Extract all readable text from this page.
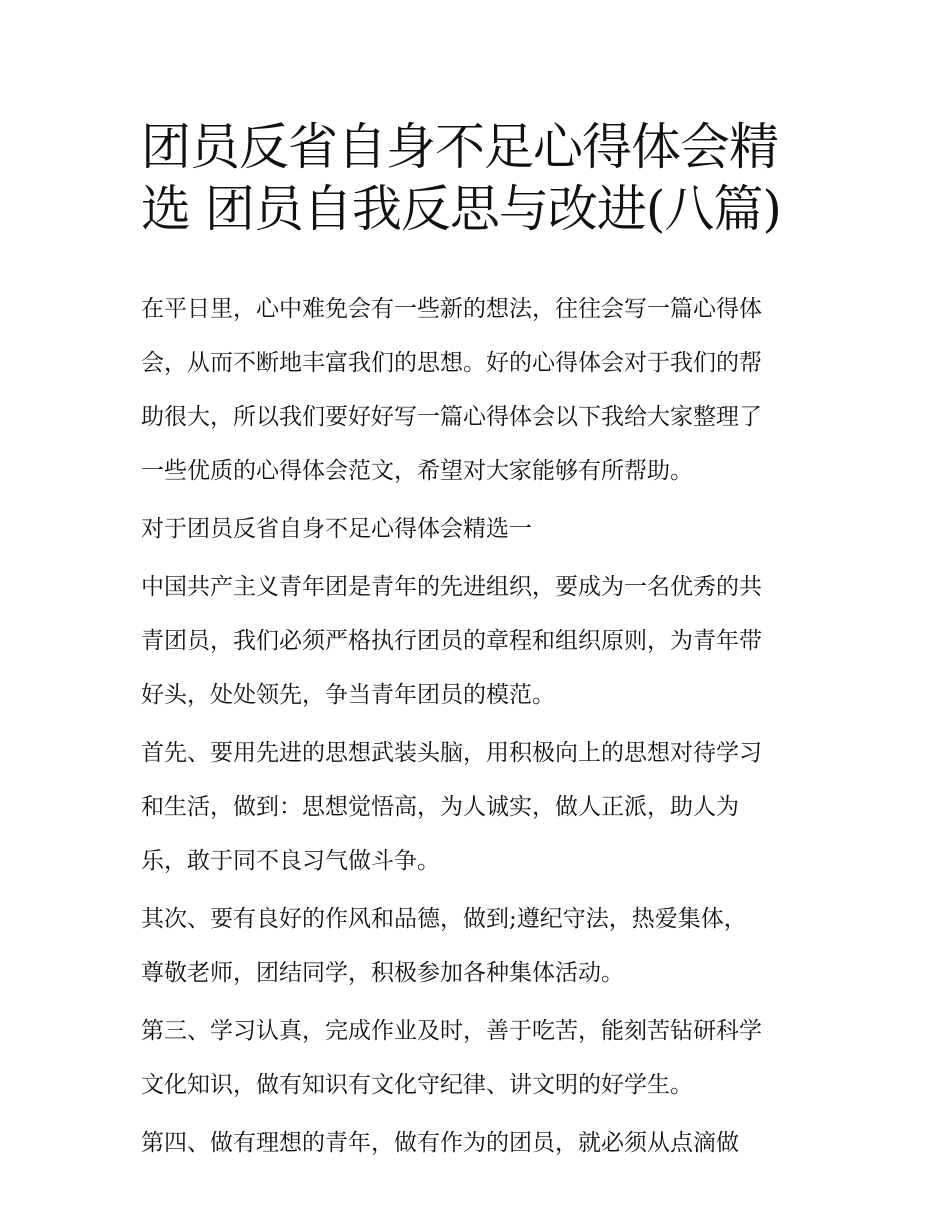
团员反省自身不足心得体会精
选 团员自我反思与改进(八篇)

在平日里，心中难免会有一些新的想法，往往会写一篇心得体
会，从而不断地丰富我们的思想。好的心得体会对于我们的帮
助很大，所以我们要好好写一篇心得体会以下我给大家整理了
一些优质的心得体会范文，希望对大家能够有所帮助。

对于团员反省自身不足心得体会精选一

中国共产主义青年团是青年的先进组织，要成为一名优秀的共
青团员，我们必须严格执行团员的章程和组织原则，为青年带
好头，处处领先，争当青年团员的模范。

首先、要用先进的思想武装头脑，用积极向上的思想对待学习
和生活，做到：思想觉悟高，为人诚实，做人正派，助人为
乐，敢于同不良习气做斗争。

其次、要有良好的作风和品德，做到;遵纪守法，热爱集体，
尊敬老师，团结同学，积极参加各种集体活动。

第三、学习认真，完成作业及时，善于吃苦，能刻苦钻研科学
文化知识，做有知识有文化守纪律、讲文明的好学生。

第四、做有理想的青年，做有作为的团员，就必须从点滴做
